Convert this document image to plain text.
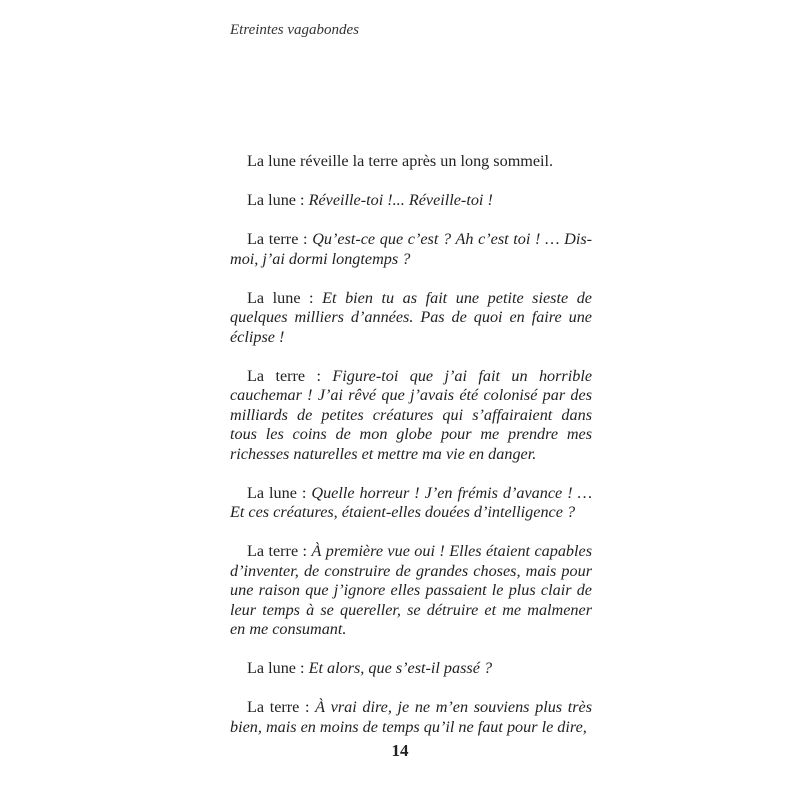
Etreintes vagabondes

La lune réveille la terre après un long sommeil.

La lune : Réveille-toi !... Réveille-toi !

La terre : Qu’est-ce que c’est ? Ah c’est toi ! … Dis-moi, j’ai dormi longtemps ?

La lune : Et bien tu as fait une petite sieste de quelques milliers d’années. Pas de quoi en faire une éclipse !

La terre : Figure-toi que j’ai fait un horrible cauchemar ! J’ai rêvé que j’avais été colonisé par des milliards de petites créatures qui s’affairaient dans tous les coins de mon globe pour me prendre mes richesses naturelles et mettre ma vie en danger.

La lune : Quelle horreur ! J’en frémis d’avance ! … Et ces créatures, étaient-elles douées d’intelligence ?

La terre : À première vue oui ! Elles étaient capables d’inventer, de construire de grandes choses, mais pour une raison que j’ignore elles passaient le plus clair de leur temps à se quereller, se détruire et me malmener en me consumant.

La lune : Et alors, que s’est-il passé ?

La terre : À vrai dire, je ne m’en souviens plus très bien, mais en moins de temps qu’il ne faut pour le dire,

14
